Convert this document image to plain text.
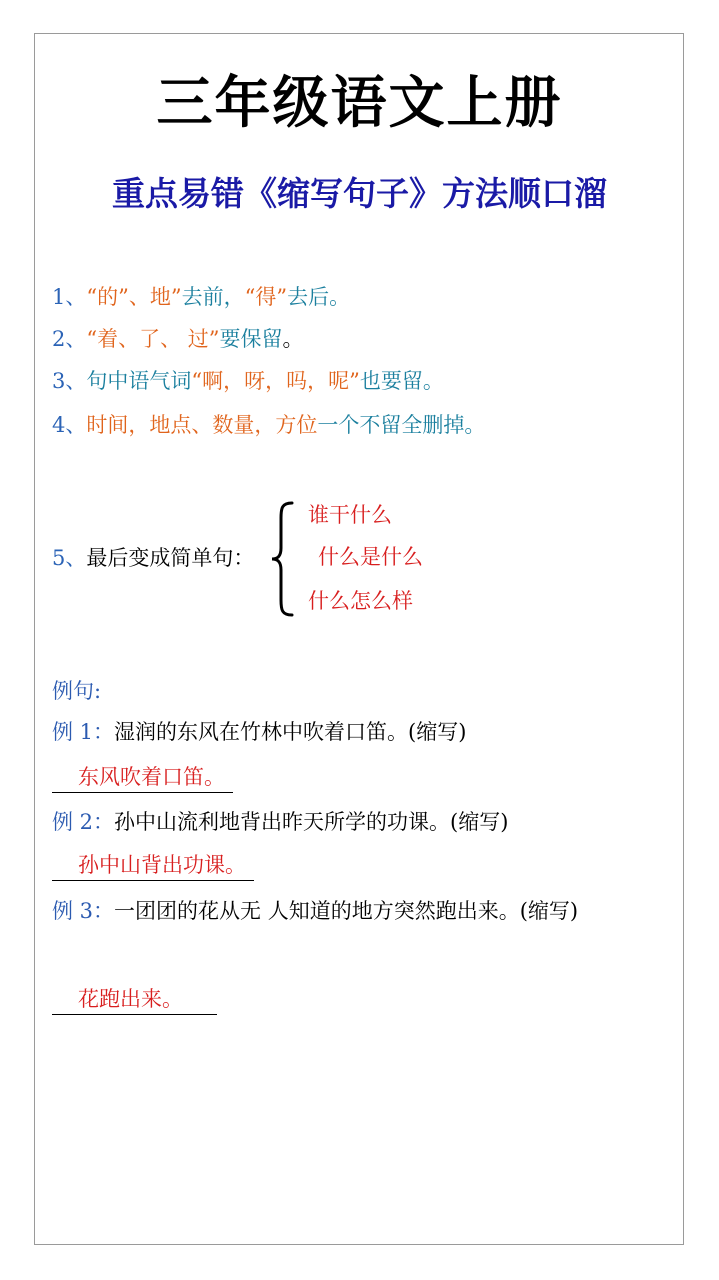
三年级语文上册
重点易错《缩写句子》方法顺口溜
1、“的”、地”去前，“得”去后。
2、“着、了、 过”要保留。
3、句中语气词“啊，呀，吗，呢”也要留。
4、时间，地点、数量，方位一个不留全删掉。
5、最后变成简单句：
谁干什么
什么是什么
什么怎么样
例句:
例 1：湿润的东风在竹林中吹着口笛。(缩写)
东风吹着口笛。
例 2：孙中山流利地背出昨天所学的功课。(缩写)
孙中山背出功课。
例 3：一团团的花从无 人知道的地方突然跑出来。(缩写)
花跑出来。
